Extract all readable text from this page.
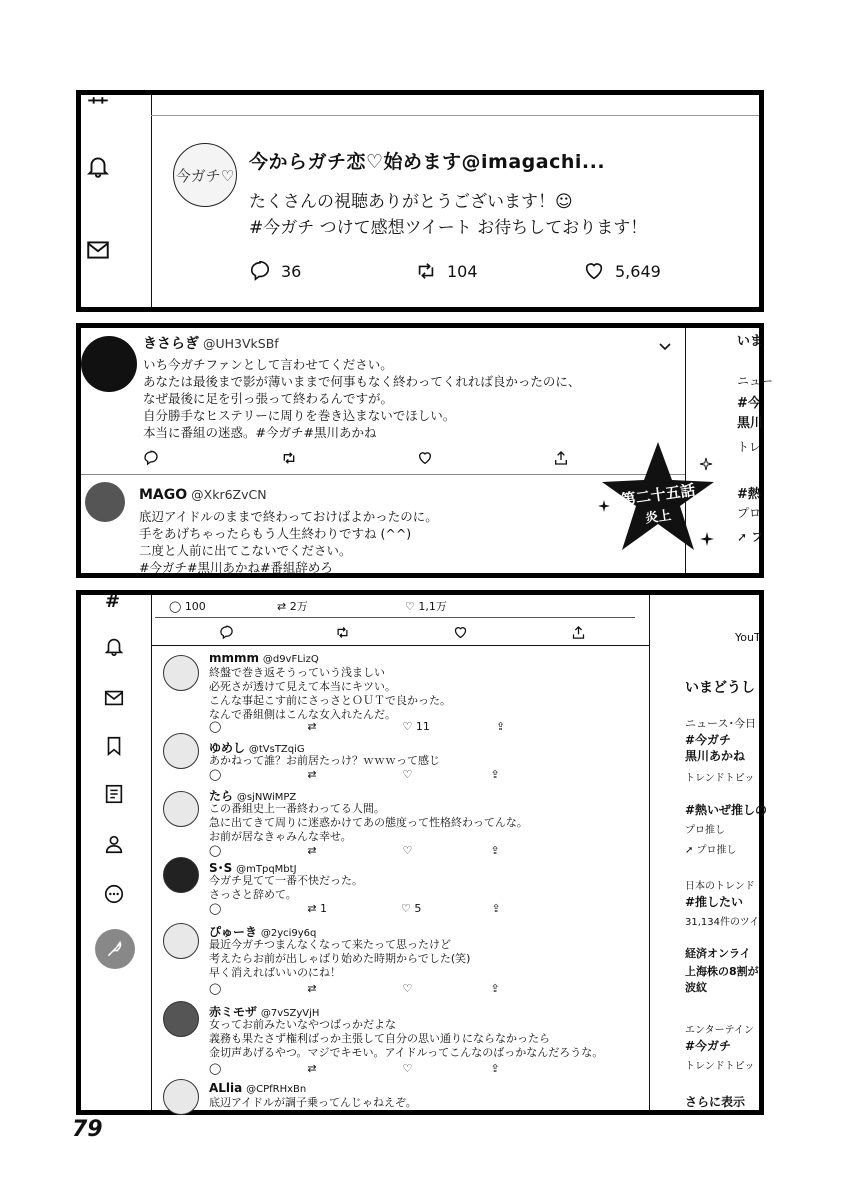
今ガチ♡
今からガチ恋♡始めます@imagachi...
たくさんの視聴ありがとうございます！☺
#今ガチ つけて感想ツイート お待ちしております！
36	104	5,649
きさらぎ @UH3VkSBf
いち今ガチファンとして言わせてください。
あなたは最後まで影が薄いままで何事もなく終わってくれれば良かったのに、
なぜ最後に足を引っ張って終わるんですが。
自分勝手なヒステリーに周りを巻き込まないでほしい。
本当に番組の迷惑。#今ガチ#黒川あかね
MAGO @Xkr6ZvCN
底辺アイドルのままで終わっておけばよかったのに。
手をあげちゃったらもう人生終わりですね (^^)
二度と人前に出てこないでください。
#今ガチ#黒川あかね#番組辞めろ
いま
ニュー
#今
黒川
トレ
#熱
プロ
➚ フ
第二十五話
炎上
#	◯ 100	⇄ 2万	♡ 1,1万
mmmm @d9vFLizQ
終盤で巻き返そうっていう浅ましい
必死さが透けて見えて本当にキツい。
こんな事起こす前にさっさとＯＵＴで良かった。
なんで番組側はこんな女入れたんだ。
◯	⇄	♡ 11	⇪
ゆめし @tVsTZqiG
あかねって誰？お前居たっけ？ｗｗｗって感じ
◯	⇄	♡	⇪
たら @sjNWiMPZ
この番組史上一番終わってる人間。
急に出てきて周りに迷惑かけてあの態度って性格終わってんな。
お前が居なきゃみんな幸せ。
◯	⇄	♡	⇪
S･S @mTpqMbtJ
今ガチ見てて一番不快だった。
さっさと辞めて。
◯	⇄ 1	♡ 5	⇪
ぴゅーき @2yci9y6q
最近今ガチつまんなくなって来たって思ったけど
考えたらお前が出しゃばり始めた時期からでした(笑)
早く消えればいいのにね！
◯	⇄	♡	⇪
赤ミモザ @7vSZyVjH
女ってお前みたいなやつばっかだよな
義務も果たさず権利ばっか主張して自分の思い通りにならなかったら
金切声あげるやつ。マジでキモい。アイドルってこんなのばっかなんだろうな。
◯	⇄	♡	⇪
ALlia @CPfRHxBn
底辺アイドルが調子乗ってんじゃねえぞ。
YouT
いまどうし
ニュース･今日
#今ガチ
黒川あかね
トレンドトピッ
#熱いぜ推しの
プロ推し
➚ プロ推し
日本のトレンド
#推したい
31,134件のツイ
経済オンライ
上海株の8割が
波紋
エンターテイン
#今ガチ
トレンドトピッ
さらに表示
79
